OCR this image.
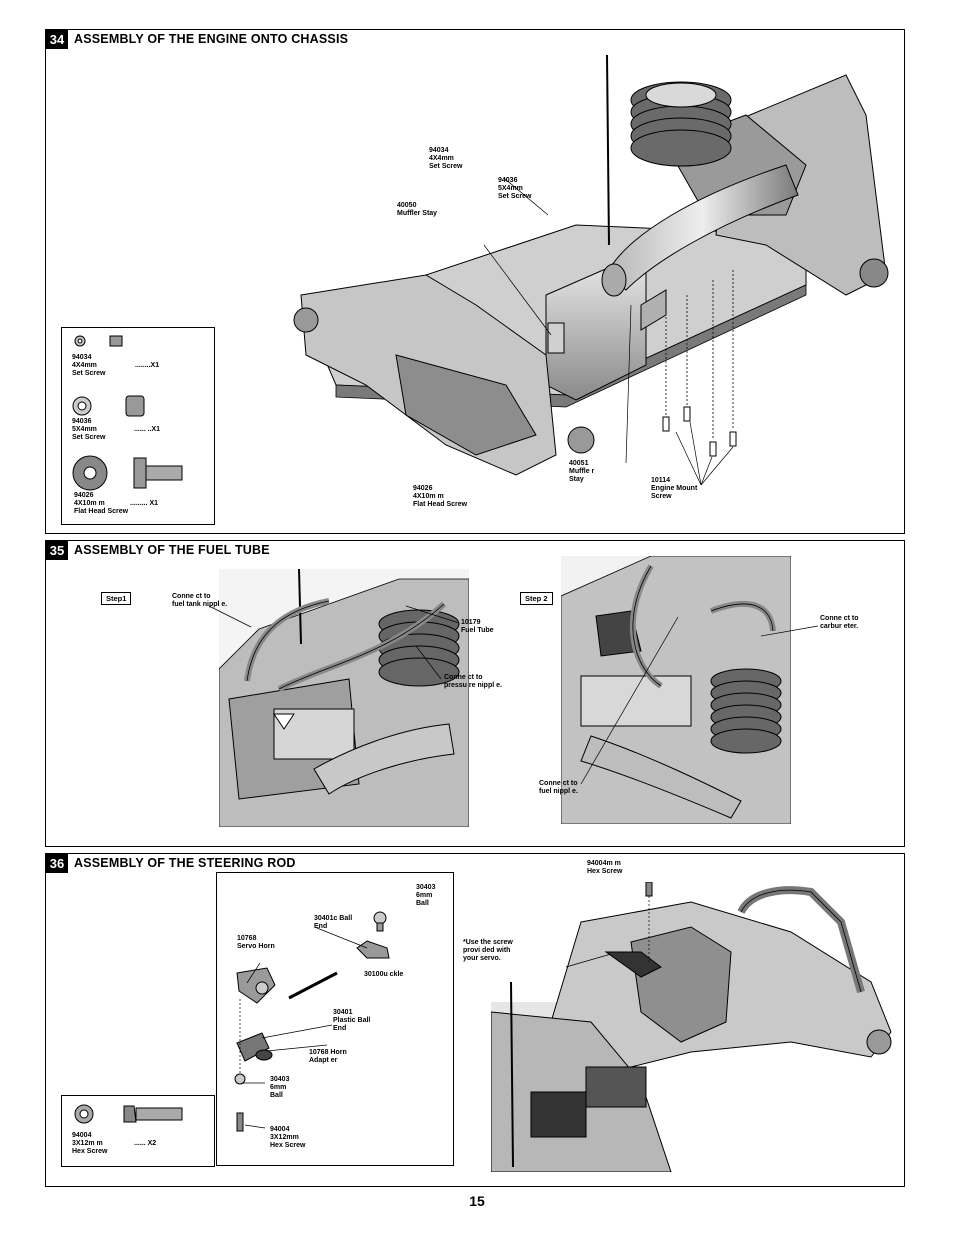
34 ASSEMBLY OF THE ENGINE ONTO CHASSIS
94034
4X4mm
Set Screw
94036
5X4mm
Set Screw
40050
Muffler Stay
40051
Muffle r
Stay
94026
4X10m m
Flat Head Screw
10114
Engine Mount
Screw
94034
4X4mm
Set Screw
........X1
94036
5X4mm
Set Screw
...... ..X1
94026
4X10m m
Flat Head Screw
......... X1
35 ASSEMBLY OF THE FUEL TUBE
Step1	Conne ct to
fuel tank nippl e.
10179
Fuel Tube
Conne ct to
pressu re nippl e.
Step 2
Conne ct to
carbur eter.
Conne ct to
fuel nippl e.
36 ASSEMBLY OF THE STEERING ROD
30403
6mm
Ball
30401c Ball
End
10768
Servo Horn
30100u ckle
30401
Plastic Ball
End
10768 Horn
Adapt er
30403
6mm
Ball
94004
3X12mm
Hex Screw
94004m m
Hex Screw
*Use the screw
provi ded with
your servo.
94004
3X12m m
Hex Screw
...... X2
15
